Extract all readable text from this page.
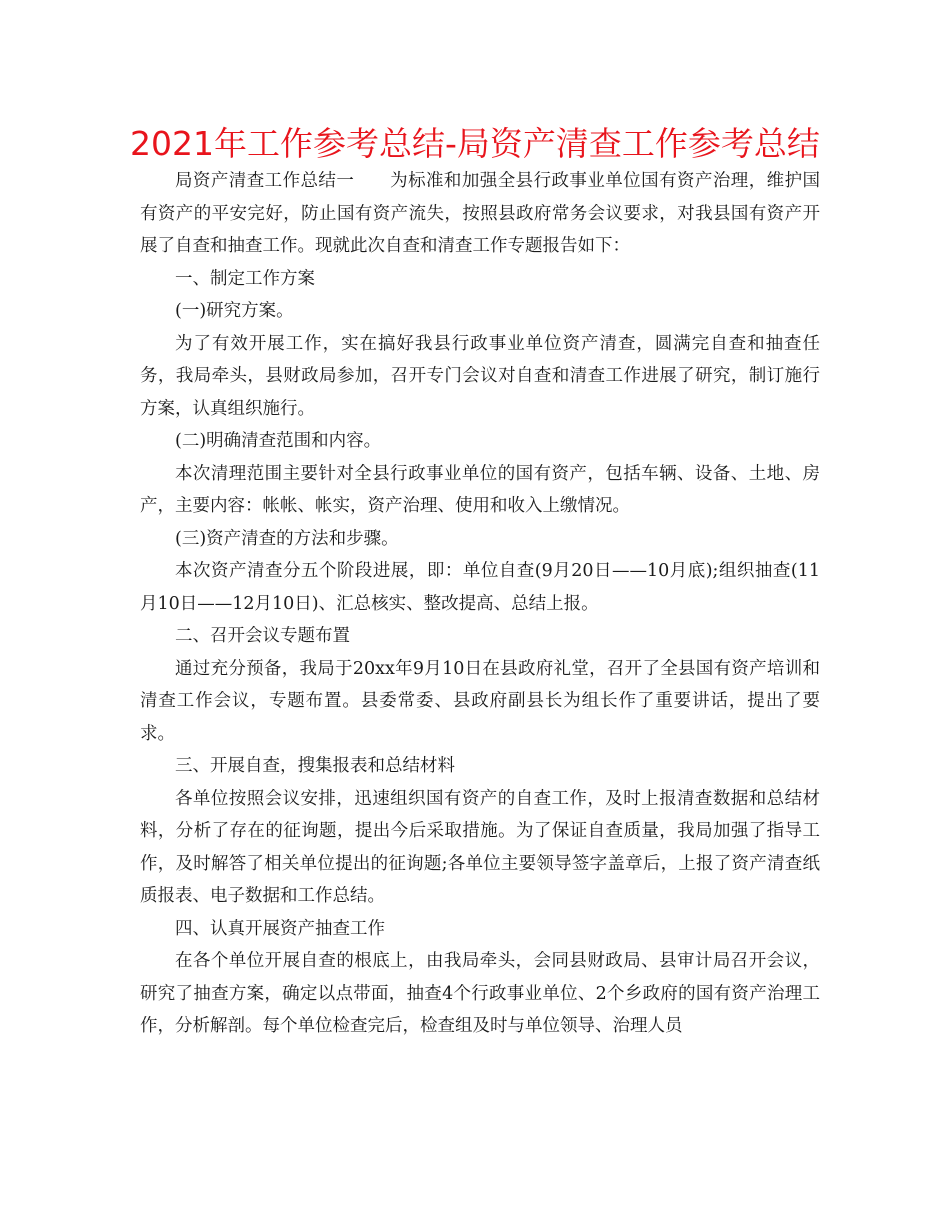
2021年工作参考总结-局资产清查工作参考总结

局资产清查工作总结一　　为标准和加强全县行政事业单位国有资产治理，维护国有资产的平安完好，防止国有资产流失，按照县政府常务会议要求，对我县国有资产开展了自查和抽查工作。现就此次自查和清查工作专题报告如下：

一、制定工作方案

(一)研究方案。

为了有效开展工作，实在搞好我县行政事业单位资产清查，圆满完自查和抽查任务，我局牵头，县财政局参加，召开专门会议对自查和清查工作进展了研究，制订施行方案，认真组织施行。

(二)明确清查范围和内容。

本次清理范围主要针对全县行政事业单位的国有资产，包括车辆、设备、土地、房产，主要内容：帐帐、帐实，资产治理、使用和收入上缴情况。

(三)资产清查的方法和步骤。

本次资产清查分五个阶段进展，即：单位自查(9月20日——10月底);组织抽查(11月10日——12月10日)、汇总核实、整改提高、总结上报。

二、召开会议专题布置

通过充分预备，我局于20xx年9月10日在县政府礼堂，召开了全县国有资产培训和清查工作会议，专题布置。县委常委、县政府副县长为组长作了重要讲话，提出了要求。

三、开展自查，搜集报表和总结材料

各单位按照会议安排，迅速组织国有资产的自查工作，及时上报清查数据和总结材料，分析了存在的征询题，提出今后采取措施。为了保证自查质量，我局加强了指导工作，及时解答了相关单位提出的征询题;各单位主要领导签字盖章后，上报了资产清查纸质报表、电子数据和工作总结。

四、认真开展资产抽查工作

在各个单位开展自查的根底上，由我局牵头，会同县财政局、县审计局召开会议，研究了抽查方案，确定以点带面，抽查4个行政事业单位、2个乡政府的国有资产治理工作，分析解剖。每个单位检查完后，检查组及时与单位领导、治理人员
